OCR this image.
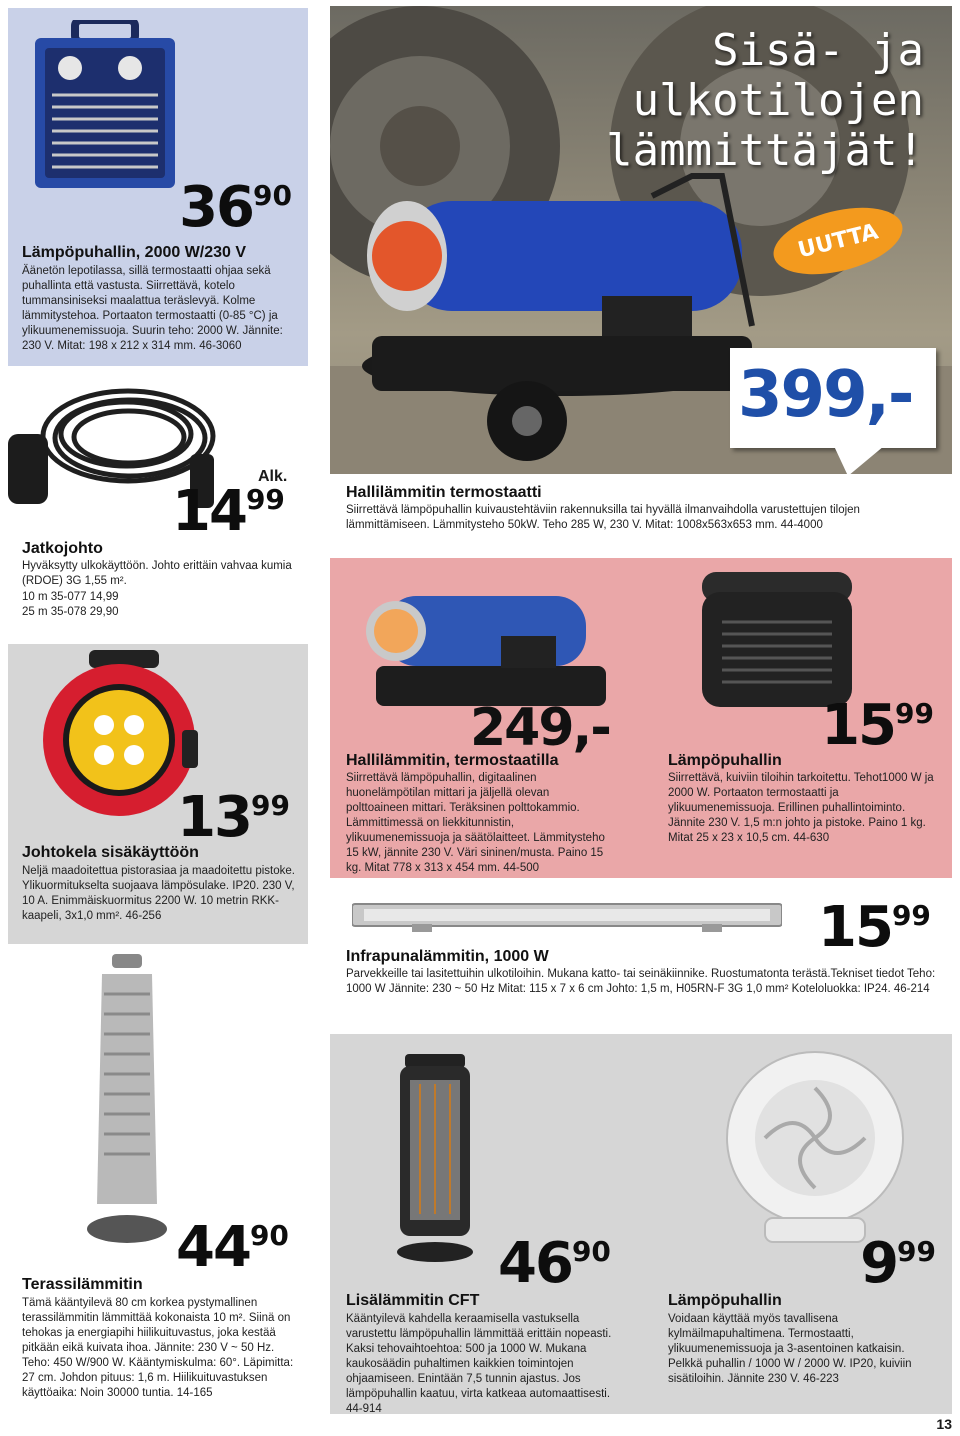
3690
Lämpöpuhallin, 2000 W/230 V
Äänetön lepotilassa, sillä termostaatti ohjaa sekä puhallinta että vastusta. Siirrettävä, kotelo tummansiniseksi maalattua teräslevyä. Kolme lämmitystehoa. Portaaton termostaatti (0-85 °C) ja ylikuumenemissuoja. Suurin teho: 2000 W. Jännite: 230 V. Mitat: 198 x 212 x 314 mm. 46-3060
Sisä- ja ulkotilojen lämmittäjät!
UUTTA
399,-
Hallilämmitin termostaatti
Siirrettävä lämpöpuhallin kuivaustehtäviin rakennuksilla tai hyvällä ilmanvaihdolla varustettujen tilojen lämmittämiseen. Lämmitysteho 50kW. Teho 285 W, 230 V. Mitat: 1008x563x653 mm. 44-4000
Alk.
1499
Jatkojohto
Hyväksytty ulkokäyttöön. Johto erittäin vahvaa kumia (RDOE) 3G 1,55 m².
10 m 35-077 14,99
25 m 35-078 29,90
1399
Johtokela sisäkäyttöön
Neljä maadoitettua pistorasiaa ja maadoitettu pistoke. Ylikuormitukselta suojaava lämpösulake. IP20. 230 V, 10 A. Enimmäiskuormitus 2200 W. 10 metrin RKK-kaapeli, 3x1,0 mm². 46-256
249,-
Hallilämmitin, termostaatilla
Siirrettävä lämpöpuhallin, digitaalinen huonelämpötilan mittari ja jäljellä olevan polttoaineen mittari. Teräksinen polttokammio. Lämmittimessä on liekkitunnistin, ylikuumenemissuoja ja säätölaitteet. Lämmitysteho 15 kW, jännite 230 V. Väri sininen/musta. Paino 15 kg. Mitat 778 x 313 x 454 mm. 44-500
1599
Lämpöpuhallin
Siirrettävä, kuiviin tiloihin tarkoitettu. Tehot1000 W ja 2000 W. Portaaton termostaatti ja ylikuumenemissuoja. Erillinen puhallintoiminto. Jännite 230 V. 1,5 m:n johto ja pistoke. Paino 1 kg. Mitat 25 x 23 x 10,5 cm. 44-630
1599
Infrapunalämmitin, 1000 W
Parvekkeille tai lasitettuihin ulkotiloihin. Mukana katto- tai seinäkiinnike. Ruostumatonta terästä.Tekniset tiedot Teho: 1000 W Jännite: 230 ~ 50 Hz Mitat: 115 x 7 x 6 cm Johto: 1,5 m, H05RN-F 3G 1,0 mm² Koteloluokka: IP24. 46-214
4490
Terassilämmitin
Tämä kääntyilevä 80 cm korkea pystymallinen terassilämmitin lämmittää kokonaista 10 m². Siinä on tehokas ja energiapihi hiilikuituvastus, joka kestää pitkään eikä kuivata ihoa. Jännite: 230 V ~ 50 Hz. Teho: 450 W/900 W. Kääntymiskulma: 60°. Läpimitta: 27 cm. Johdon pituus: 1,6 m. Hiilikuituvastuksen käyttöaika: Noin 30000 tuntia. 14-165
4690
Lisälämmitin CFT
Kääntyilevä kahdella keraamisella vastuksella varustettu lämpöpuhallin lämmittää erittäin nopeasti. Kaksi tehovaihtoehtoa: 500 ja 1000 W. Mukana kaukosäädin puhaltimen kaikkien toimintojen ohjaamiseen. Enintään 7,5 tunnin ajastus. Jos lämpöpuhallin kaatuu, virta katkeaa automaattisesti. 44-914
999
Lämpöpuhallin
Voidaan käyttää myös tavallisena kylmäilmapuhaltimena. Termostaatti, ylikuumenemissuoja ja 3-asentoinen katkaisin. Pelkkä puhallin / 1000 W / 2000 W. IP20, kuiviin sisätiloihin. Jännite 230 V. 46-223
13
